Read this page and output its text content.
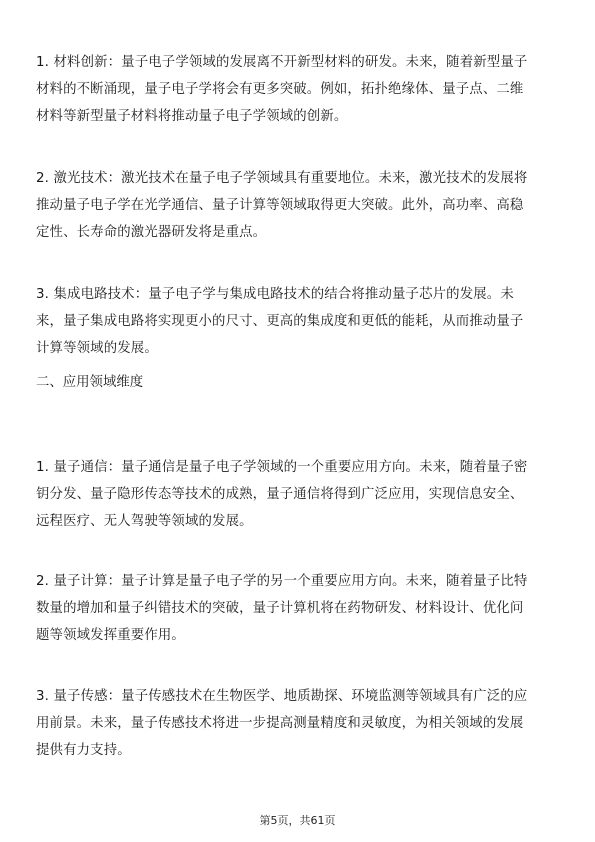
1. 材料创新：量子电子学领域的发展离不开新型材料的研发。未来，随着新型量子
材料的不断涌现，量子电子学将会有更多突破。例如，拓扑绝缘体、量子点、二维
材料等新型量子材料将推动量子电子学领域的创新。

2. 激光技术：激光技术在量子电子学领域具有重要地位。未来，激光技术的发展将
推动量子电子学在光学通信、量子计算等领域取得更大突破。此外，高功率、高稳
定性、长寿命的激光器研发将是重点。

3. 集成电路技术：量子电子学与集成电路技术的结合将推动量子芯片的发展。未
来，量子集成电路将实现更小的尺寸、更高的集成度和更低的能耗，从而推动量子
计算等领域的发展。

二、应用领域维度

1. 量子通信：量子通信是量子电子学领域的一个重要应用方向。未来，随着量子密
钥分发、量子隐形传态等技术的成熟，量子通信将得到广泛应用，实现信息安全、
远程医疗、无人驾驶等领域的发展。

2. 量子计算：量子计算是量子电子学的另一个重要应用方向。未来，随着量子比特
数量的增加和量子纠错技术的突破，量子计算机将在药物研发、材料设计、优化问
题等领域发挥重要作用。

3. 量子传感：量子传感技术在生物医学、地质勘探、环境监测等领域具有广泛的应
用前景。未来，量子传感技术将进一步提高测量精度和灵敏度，为相关领域的发展
提供有力支持。

第5页，共61页
